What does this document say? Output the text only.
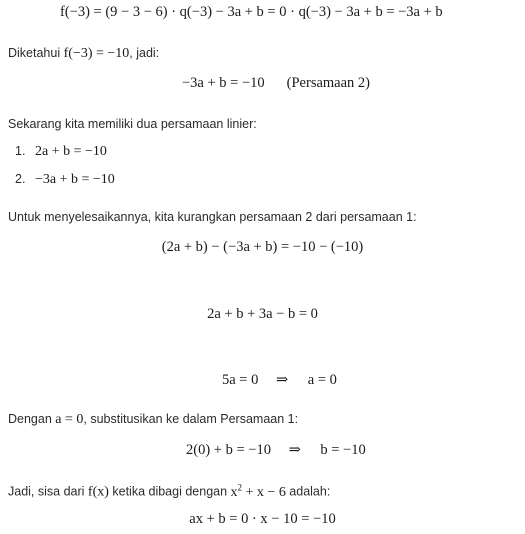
f(−3) = (9 − 3 − 6) · q(−3) − 3a + b = 0 · q(−3) − 3a + b = −3a + b
Diketahui f(−3) = −10, jadi:
−3a + b = −10 (Persamaan 2)
Sekarang kita memiliki dua persamaan linier:
1. 2a + b = −10
2. −3a + b = −10
Untuk menyelesaikannya, kita kurangkan persamaan 2 dari persamaan 1:
(2a + b) − (−3a + b) = −10 − (−10)
2a + b + 3a − b = 0
5a = 0 ⇒ a = 0
Dengan a = 0, substitusikan ke dalam Persamaan 1:
2(0) + b = −10 ⇒ b = −10
Jadi, sisa dari f(x) ketika dibagi dengan $x^2 + x - 6$ adalah:
ax + b = 0 · x − 10 = −10
